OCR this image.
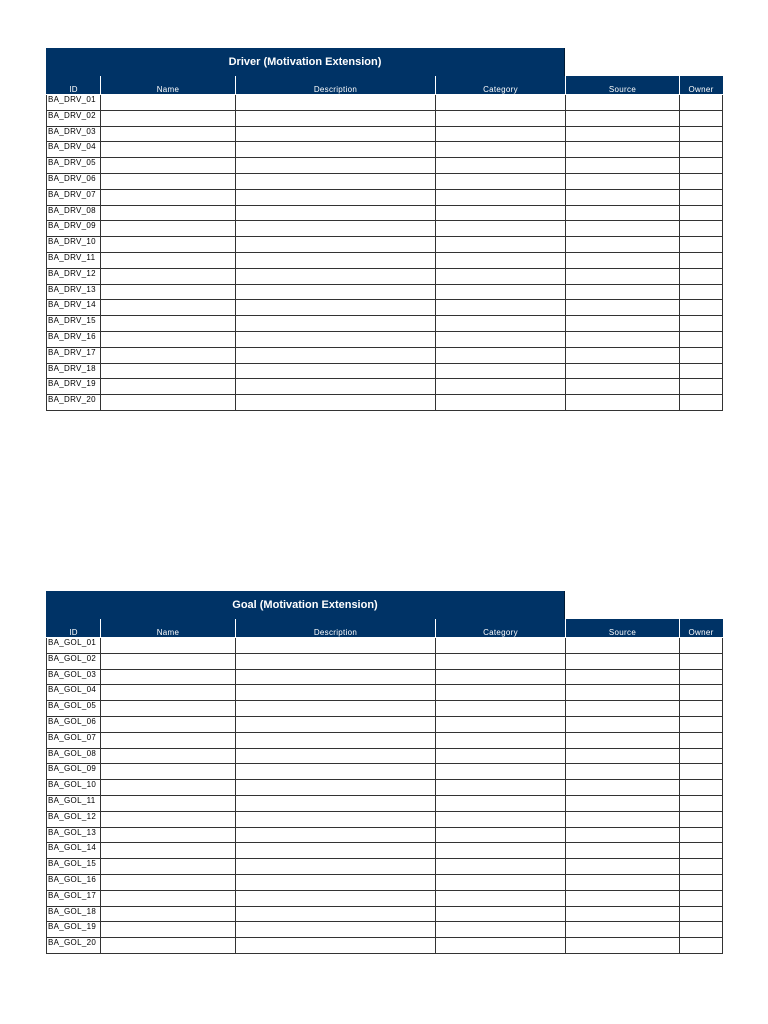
Driver (Motivation Extension)
ID	Name	Description	Category	Source	Owner
BA_DRV_01					
BA_DRV_02					
BA_DRV_03					
BA_DRV_04					
BA_DRV_05					
BA_DRV_06					
BA_DRV_07					
BA_DRV_08					
BA_DRV_09					
BA_DRV_10					
BA_DRV_11					
BA_DRV_12					
BA_DRV_13					
BA_DRV_14					
BA_DRV_15					
BA_DRV_16					
BA_DRV_17					
BA_DRV_18					
BA_DRV_19					
BA_DRV_20					
Goal (Motivation Extension)
ID	Name	Description	Category	Source	Owner
BA_GOL_01					
BA_GOL_02					
BA_GOL_03					
BA_GOL_04					
BA_GOL_05					
BA_GOL_06					
BA_GOL_07					
BA_GOL_08					
BA_GOL_09					
BA_GOL_10					
BA_GOL_11					
BA_GOL_12					
BA_GOL_13					
BA_GOL_14					
BA_GOL_15					
BA_GOL_16					
BA_GOL_17					
BA_GOL_18					
BA_GOL_19					
BA_GOL_20					
